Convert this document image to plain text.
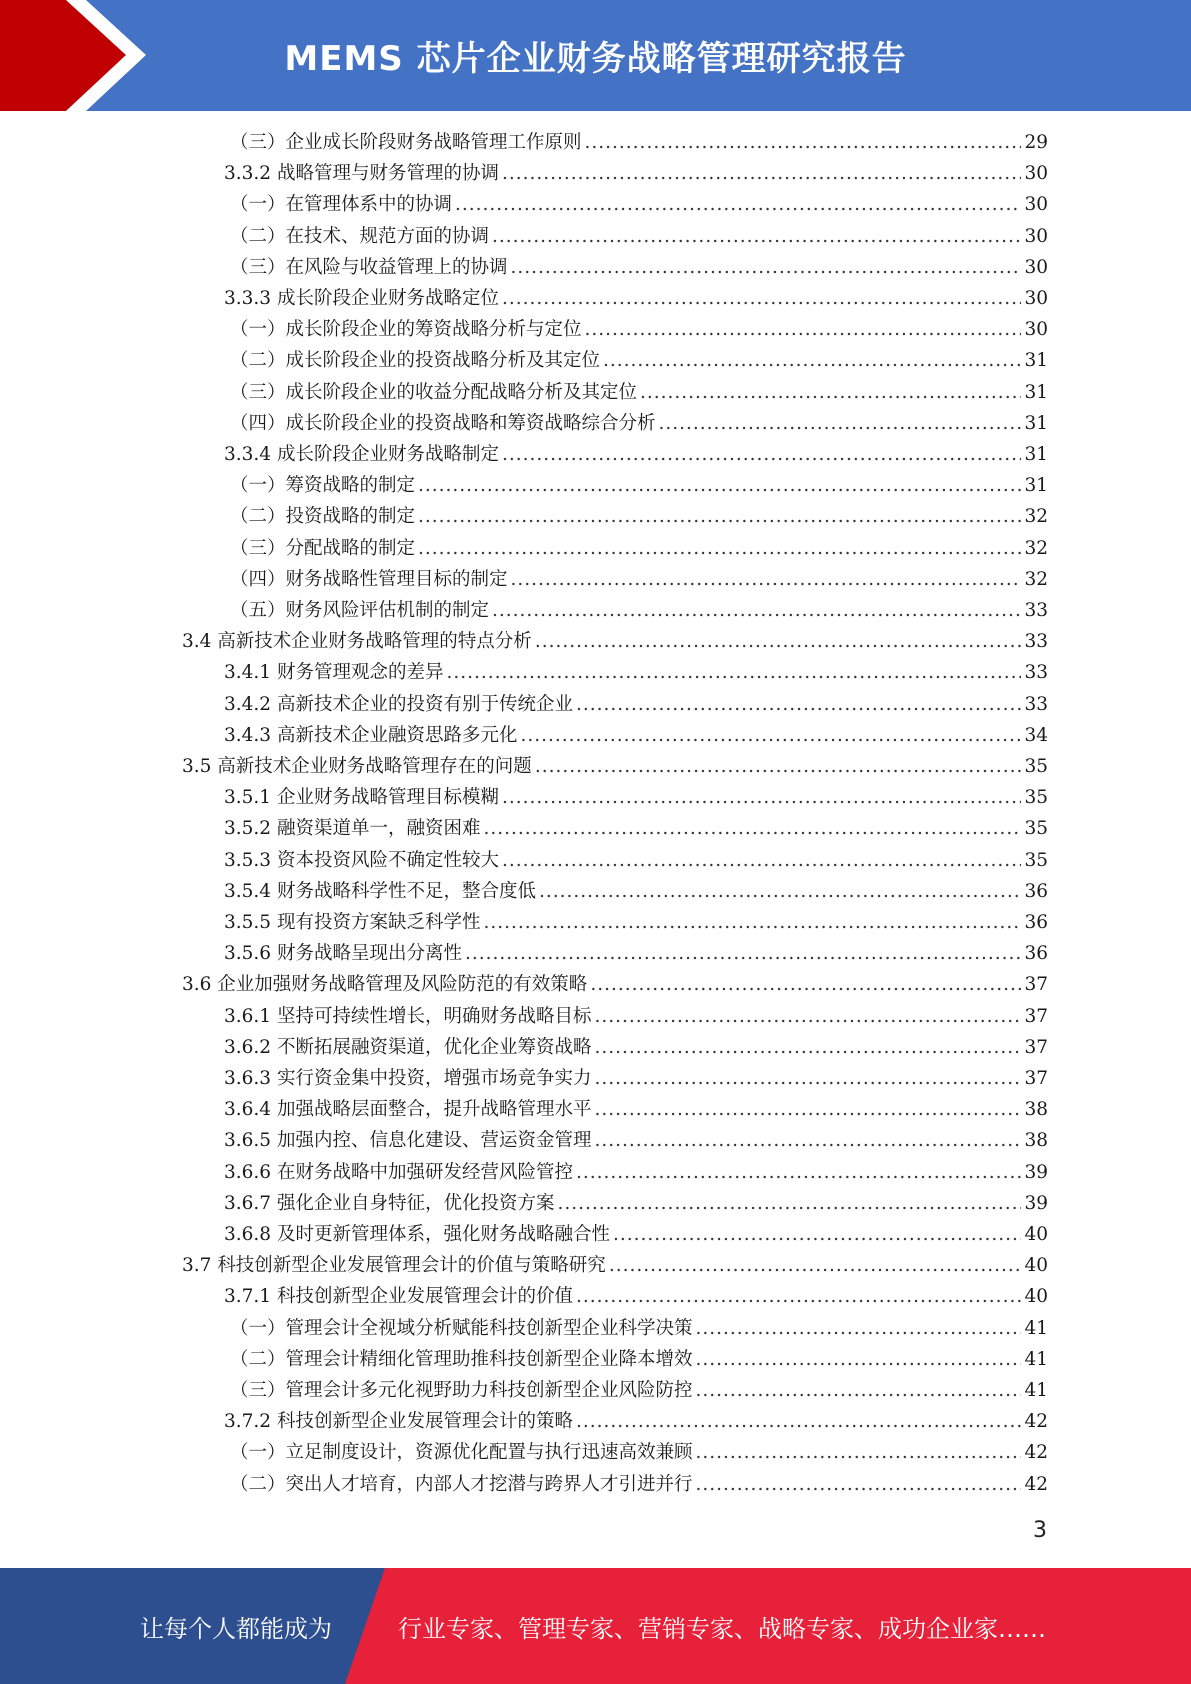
MEMS 芯片企业财务战略管理研究报告
（三）企业成长阶段财务战略管理工作原则 .....	29
3.3.2 战略管理与财务管理的协调 .....	30
（一）在管理体系中的协调 .....	30
（二）在技术、规范方面的协调 .....	30
（三）在风险与收益管理上的协调 .....	30
3.3.3 成长阶段企业财务战略定位 .....	30
（一）成长阶段企业的筹资战略分析与定位 .....	30
（二）成长阶段企业的投资战略分析及其定位 .....	31
（三）成长阶段企业的收益分配战略分析及其定位 .....	31
（四）成长阶段企业的投资战略和筹资战略综合分析 .....	31
3.3.4 成长阶段企业财务战略制定 .....	31
（一）筹资战略的制定 .....	31
（二）投资战略的制定 .....	32
（三）分配战略的制定 .....	32
（四）财务战略性管理目标的制定 .....	32
（五）财务风险评估机制的制定 .....	33
3.4 高新技术企业财务战略管理的特点分析 .....	33
3.4.1 财务管理观念的差异 .....	33
3.4.2 高新技术企业的投资有别于传统企业 .....	33
3.4.3 高新技术企业融资思路多元化 .....	34
3.5 高新技术企业财务战略管理存在的问题 .....	35
3.5.1 企业财务战略管理目标模糊 .....	35
3.5.2 融资渠道单一，融资困难 .....	35
3.5.3 资本投资风险不确定性较大 .....	35
3.5.4 财务战略科学性不足，整合度低 .....	36
3.5.5 现有投资方案缺乏科学性 .....	36
3.5.6 财务战略呈现出分离性 .....	36
3.6 企业加强财务战略管理及风险防范的有效策略 .....	37
3.6.1 坚持可持续性增长，明确财务战略目标 .....	37
3.6.2 不断拓展融资渠道，优化企业筹资战略 .....	37
3.6.3 实行资金集中投资，增强市场竞争实力 .....	37
3.6.4 加强战略层面整合，提升战略管理水平 .....	38
3.6.5 加强内控、信息化建设、营运资金管理 .....	38
3.6.6 在财务战略中加强研发经营风险管控 .....	39
3.6.7 强化企业自身特征，优化投资方案 .....	39
3.6.8 及时更新管理体系，强化财务战略融合性 .....	40
3.7 科技创新型企业发展管理会计的价值与策略研究 .....	40
3.7.1 科技创新型企业发展管理会计的价值 .....	40
（一）管理会计全视域分析赋能科技创新型企业科学决策 .....	41
（二）管理会计精细化管理助推科技创新型企业降本增效 .....	41
（三）管理会计多元化视野助力科技创新型企业风险防控 .....	41
3.7.2 科技创新型企业发展管理会计的策略 .....	42
（一）立足制度设计，资源优化配置与执行迅速高效兼顾 .....	42
（二）突出人才培育，内部人才挖潜与跨界人才引进并行 .....	42
3
让每个人都能成为	行业专家、管理专家、营销专家、战略专家、成功企业家……
